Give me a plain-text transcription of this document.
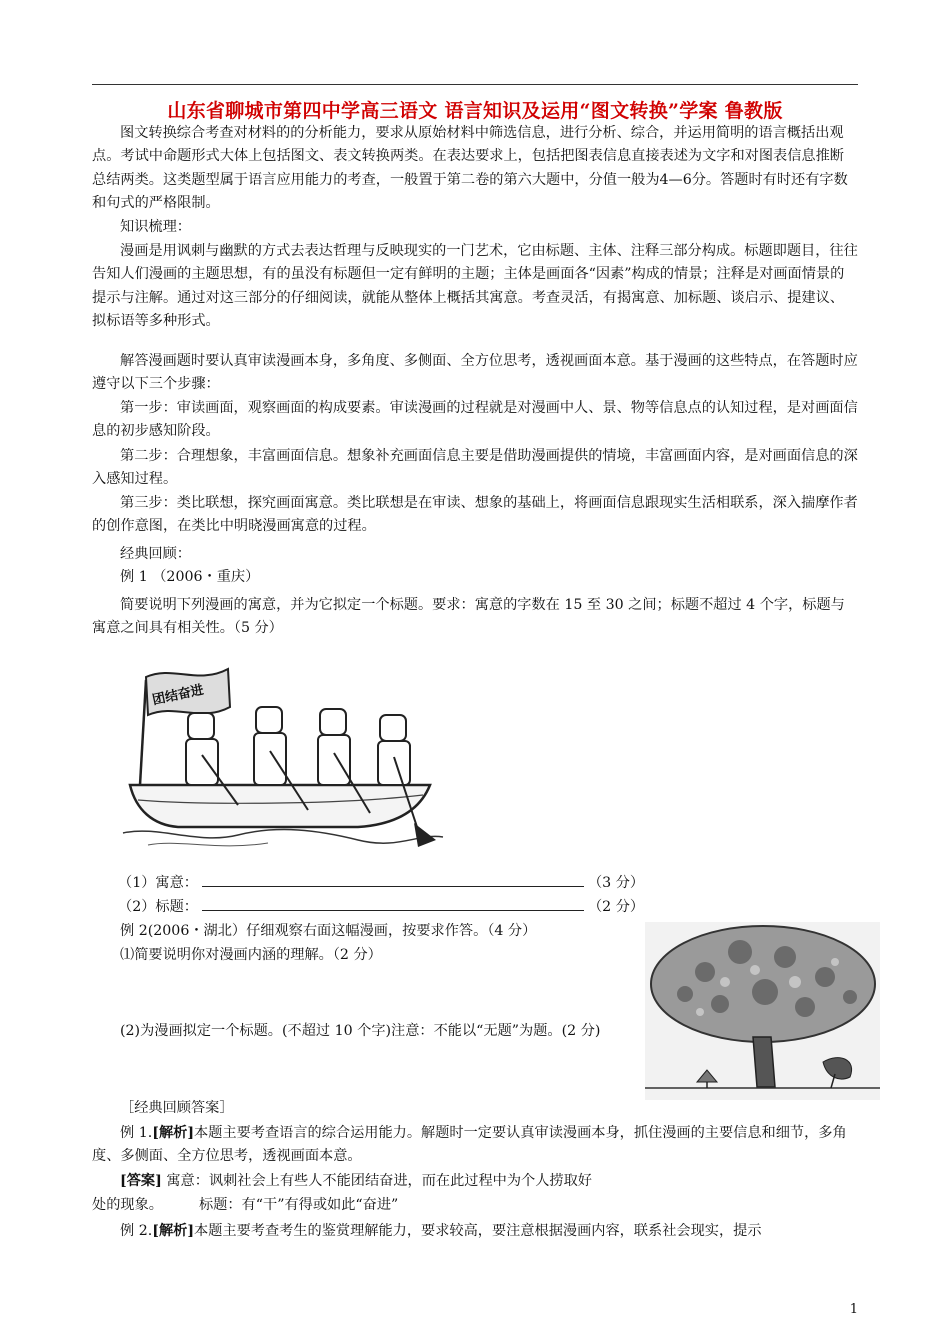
山东省聊城市第四中学高三语文 语言知识及运用“图文转换”学案 鲁教版

图文转换综合考查对材料的的分析能力，要求从原始材料中筛选信息，进行分析、综合，并运用简明的语言概括出观点。考试中命题形式大体上包括图文、表文转换两类。在表达要求上，包括把图表信息直接表述为文字和对图表信息推断总结两类。这类题型属于语言应用能力的考查，一般置于第二卷的第六大题中，分值一般为4—6分。答题时有时还有字数和句式的严格限制。

知识梳理：

漫画是用讽刺与幽默的方式去表达哲理与反映现实的一门艺术，它由标题、主体、注释三部分构成。标题即题目，往往告知人们漫画的主题思想，有的虽没有标题但一定有鲜明的主题；主体是画面各“因素”构成的情景；注释是对画面情景的提示与注解。通过对这三部分的仔细阅读，就能从整体上概括其寓意。考查灵活，有揭寓意、加标题、谈启示、提建议、拟标语等多种形式。

解答漫画题时要认真审读漫画本身，多角度、多侧面、全方位思考，透视画面本意。基于漫画的这些特点，在答题时应遵守以下三个步骤：

第一步：审读画面，观察画面的构成要素。审读漫画的过程就是对漫画中人、景、物等信息点的认知过程，是对画面信息的初步感知阶段。

第二步：合理想象，丰富画面信息。想象补充画面信息主要是借助漫画提供的情境，丰富画面内容，是对画面信息的深入感知过程。

第三步：类比联想，探究画面寓意。类比联想是在审读、想象的基础上，将画面信息跟现实生活相联系，深入揣摩作者的创作意图，在类比中明晓漫画寓意的过程。

经典回顾：

例 1 （2006・重庆）

简要说明下列漫画的寓意，并为它拟定一个标题。要求：寓意的字数在 15 至 30 之间；标题不超过 4 个字，标题与寓意之间具有相关性。（5 分）

团结奋进
（1）寓意：	（3 分）
（2）标题：	（2 分）

例 2(2006・湖北）仔细观察右面这幅漫画，按要求作答。（4 分）

⑴简要说明你对漫画内涵的理解。（2 分）

(2)为漫画拟定一个标题。(不超过 10 个字)注意：不能以“无题”为题。(2 分)

［经典回顾答案］

例 1.[解析]本题主要考查语言的综合运用能力。解题时一定要认真审读漫画本身，抓住漫画的主要信息和细节，多角度、多侧面、全方位思考，透视画面本意。

[答案] 寓意：讽刺社会上有些人不能团结奋进，而在此过程中为个人捞取好

处的现象。        标题：有“干”有得或如此“奋进”

例 2.[解析]本题主要考查考生的鉴赏理解能力，要求较高，要注意根据漫画内容，联系社会现实，提示

1
